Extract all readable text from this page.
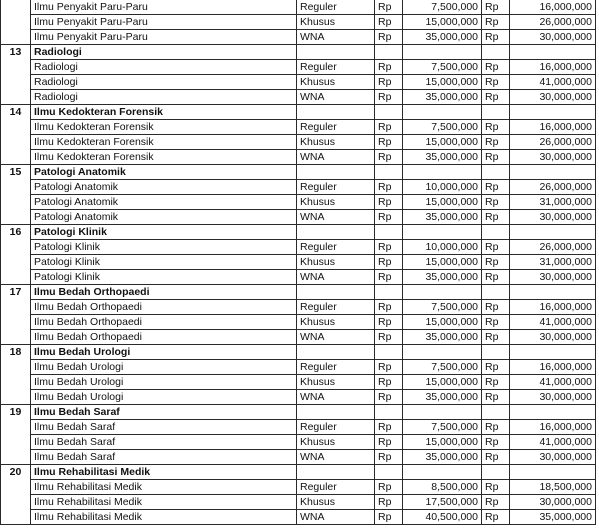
	Ilmu Penyakit Paru-Paru	Reguler	Rp	7,500,000	Rp	16,000,000
	Ilmu Penyakit Paru-Paru	Khusus	Rp	15,000,000	Rp	26,000,000
	Ilmu Penyakit Paru-Paru	WNA	Rp	35,000,000	Rp	30,000,000
13	Radiologi					
	Radiologi	Reguler	Rp	7,500,000	Rp	16,000,000
	Radiologi	Khusus	Rp	15,000,000	Rp	41,000,000
	Radiologi	WNA	Rp	35,000,000	Rp	30,000,000
14	Ilmu Kedokteran Forensik					
	Ilmu Kedokteran Forensik	Reguler	Rp	7,500,000	Rp	16,000,000
	Ilmu Kedokteran Forensik	Khusus	Rp	15,000,000	Rp	26,000,000
	Ilmu Kedokteran Forensik	WNA	Rp	35,000,000	Rp	30,000,000
15	Patologi Anatomik					
	Patologi Anatomik	Reguler	Rp	10,000,000	Rp	26,000,000
	Patologi Anatomik	Khusus	Rp	15,000,000	Rp	31,000,000
	Patologi Anatomik	WNA	Rp	35,000,000	Rp	30,000,000
16	Patologi Klinik					
	Patologi Klinik	Reguler	Rp	10,000,000	Rp	26,000,000
	Patologi Klinik	Khusus	Rp	15,000,000	Rp	31,000,000
	Patologi Klinik	WNA	Rp	35,000,000	Rp	30,000,000
17	Ilmu Bedah Orthopaedi					
	Ilmu Bedah Orthopaedi	Reguler	Rp	7,500,000	Rp	16,000,000
	Ilmu Bedah Orthopaedi	Khusus	Rp	15,000,000	Rp	41,000,000
	Ilmu Bedah Orthopaedi	WNA	Rp	35,000,000	Rp	30,000,000
18	Ilmu Bedah Urologi					
	Ilmu Bedah Urologi	Reguler	Rp	7,500,000	Rp	16,000,000
	Ilmu Bedah Urologi	Khusus	Rp	15,000,000	Rp	41,000,000
	Ilmu Bedah Urologi	WNA	Rp	35,000,000	Rp	30,000,000
19	Ilmu Bedah Saraf					
	Ilmu Bedah Saraf	Reguler	Rp	7,500,000	Rp	16,000,000
	Ilmu Bedah Saraf	Khusus	Rp	15,000,000	Rp	41,000,000
	Ilmu Bedah Saraf	WNA	Rp	35,000,000	Rp	30,000,000
20	Ilmu Rehabilitasi Medik					
	Ilmu Rehabilitasi Medik	Reguler	Rp	8,500,000	Rp	18,500,000
	Ilmu Rehabilitasi Medik	Khusus	Rp	17,500,000	Rp	30,000,000
	Ilmu Rehabilitasi Medik	WNA	Rp	40,500,000	Rp	35,000,000
